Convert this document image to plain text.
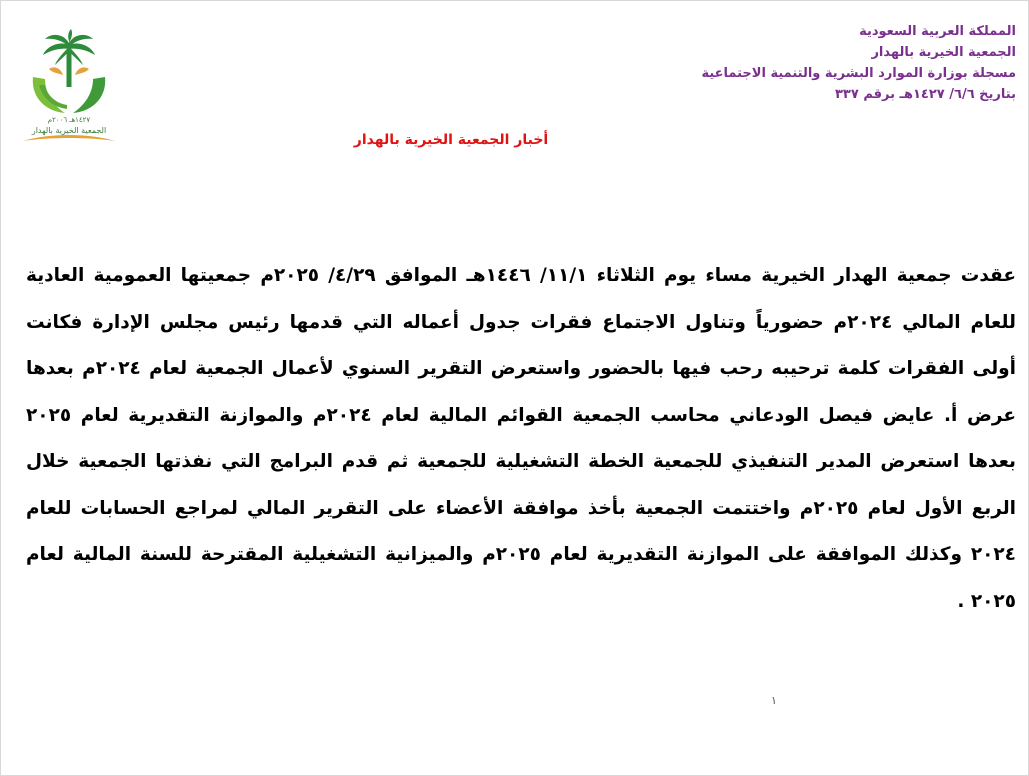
١٤٢٧هـ ٢٠٠٦م
الجمعية الخيرية بالهدار
المملكة العربية السعودية
الجمعية الخيرية بالهدار
مسجلة بوزارة الموارد البشرية والتنمية الاجتماعية
بتاريخ ٦/٦/ ١٤٢٧هـ برقم ٣٣٧
أخبار الجمعية الخيرية بالهدار

عقدت جمعية الهدار الخيرية مساء يوم الثلاثاء ١١/١/ ١٤٤٦هـ الموافق ٤/٢٩/ ٢٠٢٥م جمعيتها العمومية العادية للعام المالي ٢٠٢٤م حضورياً وتناول الاجتماع فقرات جدول أعماله التي قدمها رئيس مجلس الإدارة فكانت أولى الفقرات كلمة ترحيبه رحب فيها بالحضور واستعرض التقرير السنوي لأعمال الجمعية لعام ٢٠٢٤م بعدها عرض أ. عايض فيصل الودعاني محاسب الجمعية القوائم المالية لعام ٢٠٢٤م والموازنة التقديرية لعام ٢٠٢٥ بعدها استعرض المدير التنفيذي للجمعية الخطة التشغيلية للجمعية ثم قدم البرامج التي نفذتها الجمعية خلال الربع الأول لعام ٢٠٢٥م واختتمت الجمعية بأخذ موافقة الأعضاء على التقرير المالي لمراجع الحسابات للعام ٢٠٢٤ وكذلك الموافقة على الموازنة التقديرية لعام ٢٠٢٥م والميزانية التشغيلية المقترحة للسنة المالية لعام ٢٠٢٥ .

١
